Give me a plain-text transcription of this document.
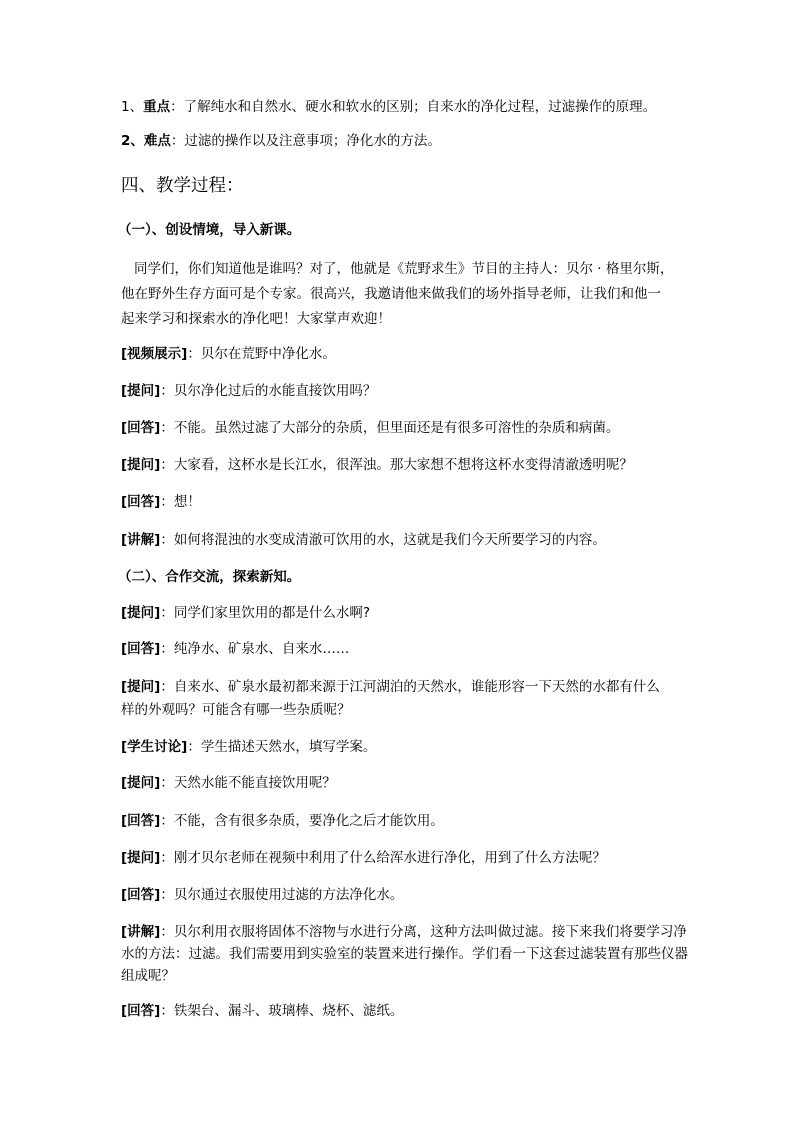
1、重点：了解纯水和自然水、硬水和软水的区别；自来水的净化过程，过滤操作的原理。
2、难点：过滤的操作以及注意事项；净化水的方法。
四、教学过程：
（一）、创设情境，导入新课。
同学们，你们知道他是谁吗？对了，他就是《荒野求生》节目的主持人：贝尔 · 格里尔斯，
他在野外生存方面可是个专家。很高兴，我邀请他来做我们的场外指导老师，让我们和他一
起来学习和探索水的净化吧！大家掌声欢迎！
[视频展示]：贝尔在荒野中净化水。
[提问]：贝尔净化过后的水能直接饮用吗？
[回答]：不能。虽然过滤了大部分的杂质，但里面还是有很多可溶性的杂质和病菌。
[提问]：大家看，这杯水是长江水，很浑浊。那大家想不想将这杯水变得清澈透明呢？
[回答]：想！
[讲解]：如何将混浊的水变成清澈可饮用的水，这就是我们今天所要学习的内容。
（二）、合作交流，探索新知。
[提问]：同学们家里饮用的都是什么水啊?
[回答]：纯净水、矿泉水、自来水……
[提问]：自来水、矿泉水最初都来源于江河湖泊的天然水，谁能形容一下天然的水都有什么
样的外观吗？可能含有哪一些杂质呢？
[学生讨论]：学生描述天然水，填写学案。
[提问]：天然水能不能直接饮用呢？
[回答]：不能，含有很多杂质，要净化之后才能饮用。
[提问]：刚才贝尔老师在视频中利用了什么给浑水进行净化，用到了什么方法呢？
[回答]：贝尔通过衣服使用过滤的方法净化水。
[讲解]：贝尔利用衣服将固体不溶物与水进行分离，这种方法叫做过滤。接下来我们将要学习净
水的方法：过滤。我们需要用到实验室的装置来进行操作。学们看一下这套过滤装置有那些仪器
组成呢？
[回答]：铁架台、漏斗、玻璃棒、烧杯、滤纸。
